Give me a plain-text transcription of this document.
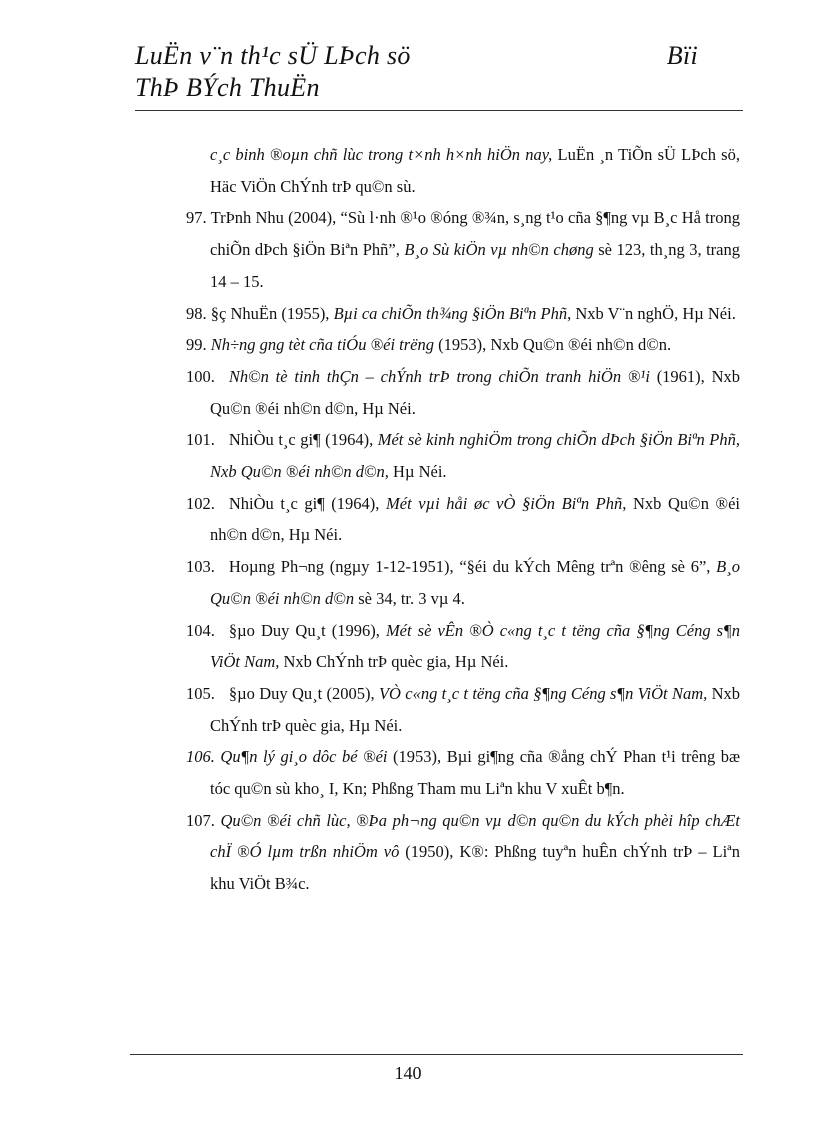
LuËn v¨n th¹c sÜ LÞch sö	Bïi
ThÞ BÝch ThuËn

c¸c binh ®oµn chñ lùc trong t×nh h×nh hiÖn nay, LuËn ¸n TiÕn sÜ LÞch sö, Häc ViÖn ChÝnh trÞ qu©n sù.

97. TrÞnh Nhu (2004), “Sù l·nh ®¹o ®óng ®¾n, s¸ng t¹o cña §¶ng vµ B¸c Hå trong chiÕn dÞch §iÖn Biªn Phñ”, B¸o Sù kiÖn vµ nh©n chøng sè 123, th¸ng 3, trang 14 – 15.

98. §ç NhuËn (1955), Bµi ca chiÕn th¾ng §iÖn Biªn Phñ, Nxb V¨n nghÖ, Hµ Néi.

99. Nh÷ng gng tèt cña tiÓu ®éi trëng (1953), Nxb Qu©n ®éi nh©n d©n.

100. Nh©n tè tinh thÇn – chÝnh trÞ trong chiÕn tranh hiÖn ®¹i (1961), Nxb Qu©n ®éi nh©n d©n, Hµ Néi.

101. NhiÒu t¸c gi¶ (1964), Mét sè kinh nghiÖm trong chiÕn dÞch §iÖn Biªn Phñ, Nxb Qu©n ®éi nh©n d©n, Hµ Néi.

102. NhiÒu t¸c gi¶ (1964), Mét vµi håi øc vÒ §iÖn Biªn Phñ, Nxb Qu©n ®éi nh©n d©n, Hµ Néi.

103. Hoµng Ph¬ng (ngµy 1-12-1951), “§éi du kÝch Mêng trªn ®êng sè 6”, B¸o Qu©n ®éi nh©n d©n sè 34, tr. 3 vµ 4.

104. §µo Duy Qu¸t (1996), Mét sè vÊn ®Ò c«ng t¸c t tëng cña §¶ng Céng s¶n ViÖt Nam, Nxb ChÝnh trÞ quèc gia, Hµ Néi.

105. §µo Duy Qu¸t (2005), VÒ c«ng t¸c t tëng cña §¶ng Céng s¶n ViÖt Nam, Nxb ChÝnh trÞ quèc gia, Hµ Néi.

106. Qu¶n lý gi¸o dôc bé ®éi (1953), Bµi gi¶ng cña ®ång chÝ Phan t¹i trêng bæ tóc qu©n sù kho¸ I, Kn; Phßng Tham mu Liªn khu V xuÊt b¶n.

107. Qu©n ®éi chñ lùc, ®Þa ph¬ng qu©n vµ d©n qu©n du kÝch phèi hîp chÆt chÏ ®Ó lµm trßn nhiÖm vô (1950), K®: Phßng tuyªn huÊn chÝnh trÞ – Liªn khu ViÖt B¾c.

140
